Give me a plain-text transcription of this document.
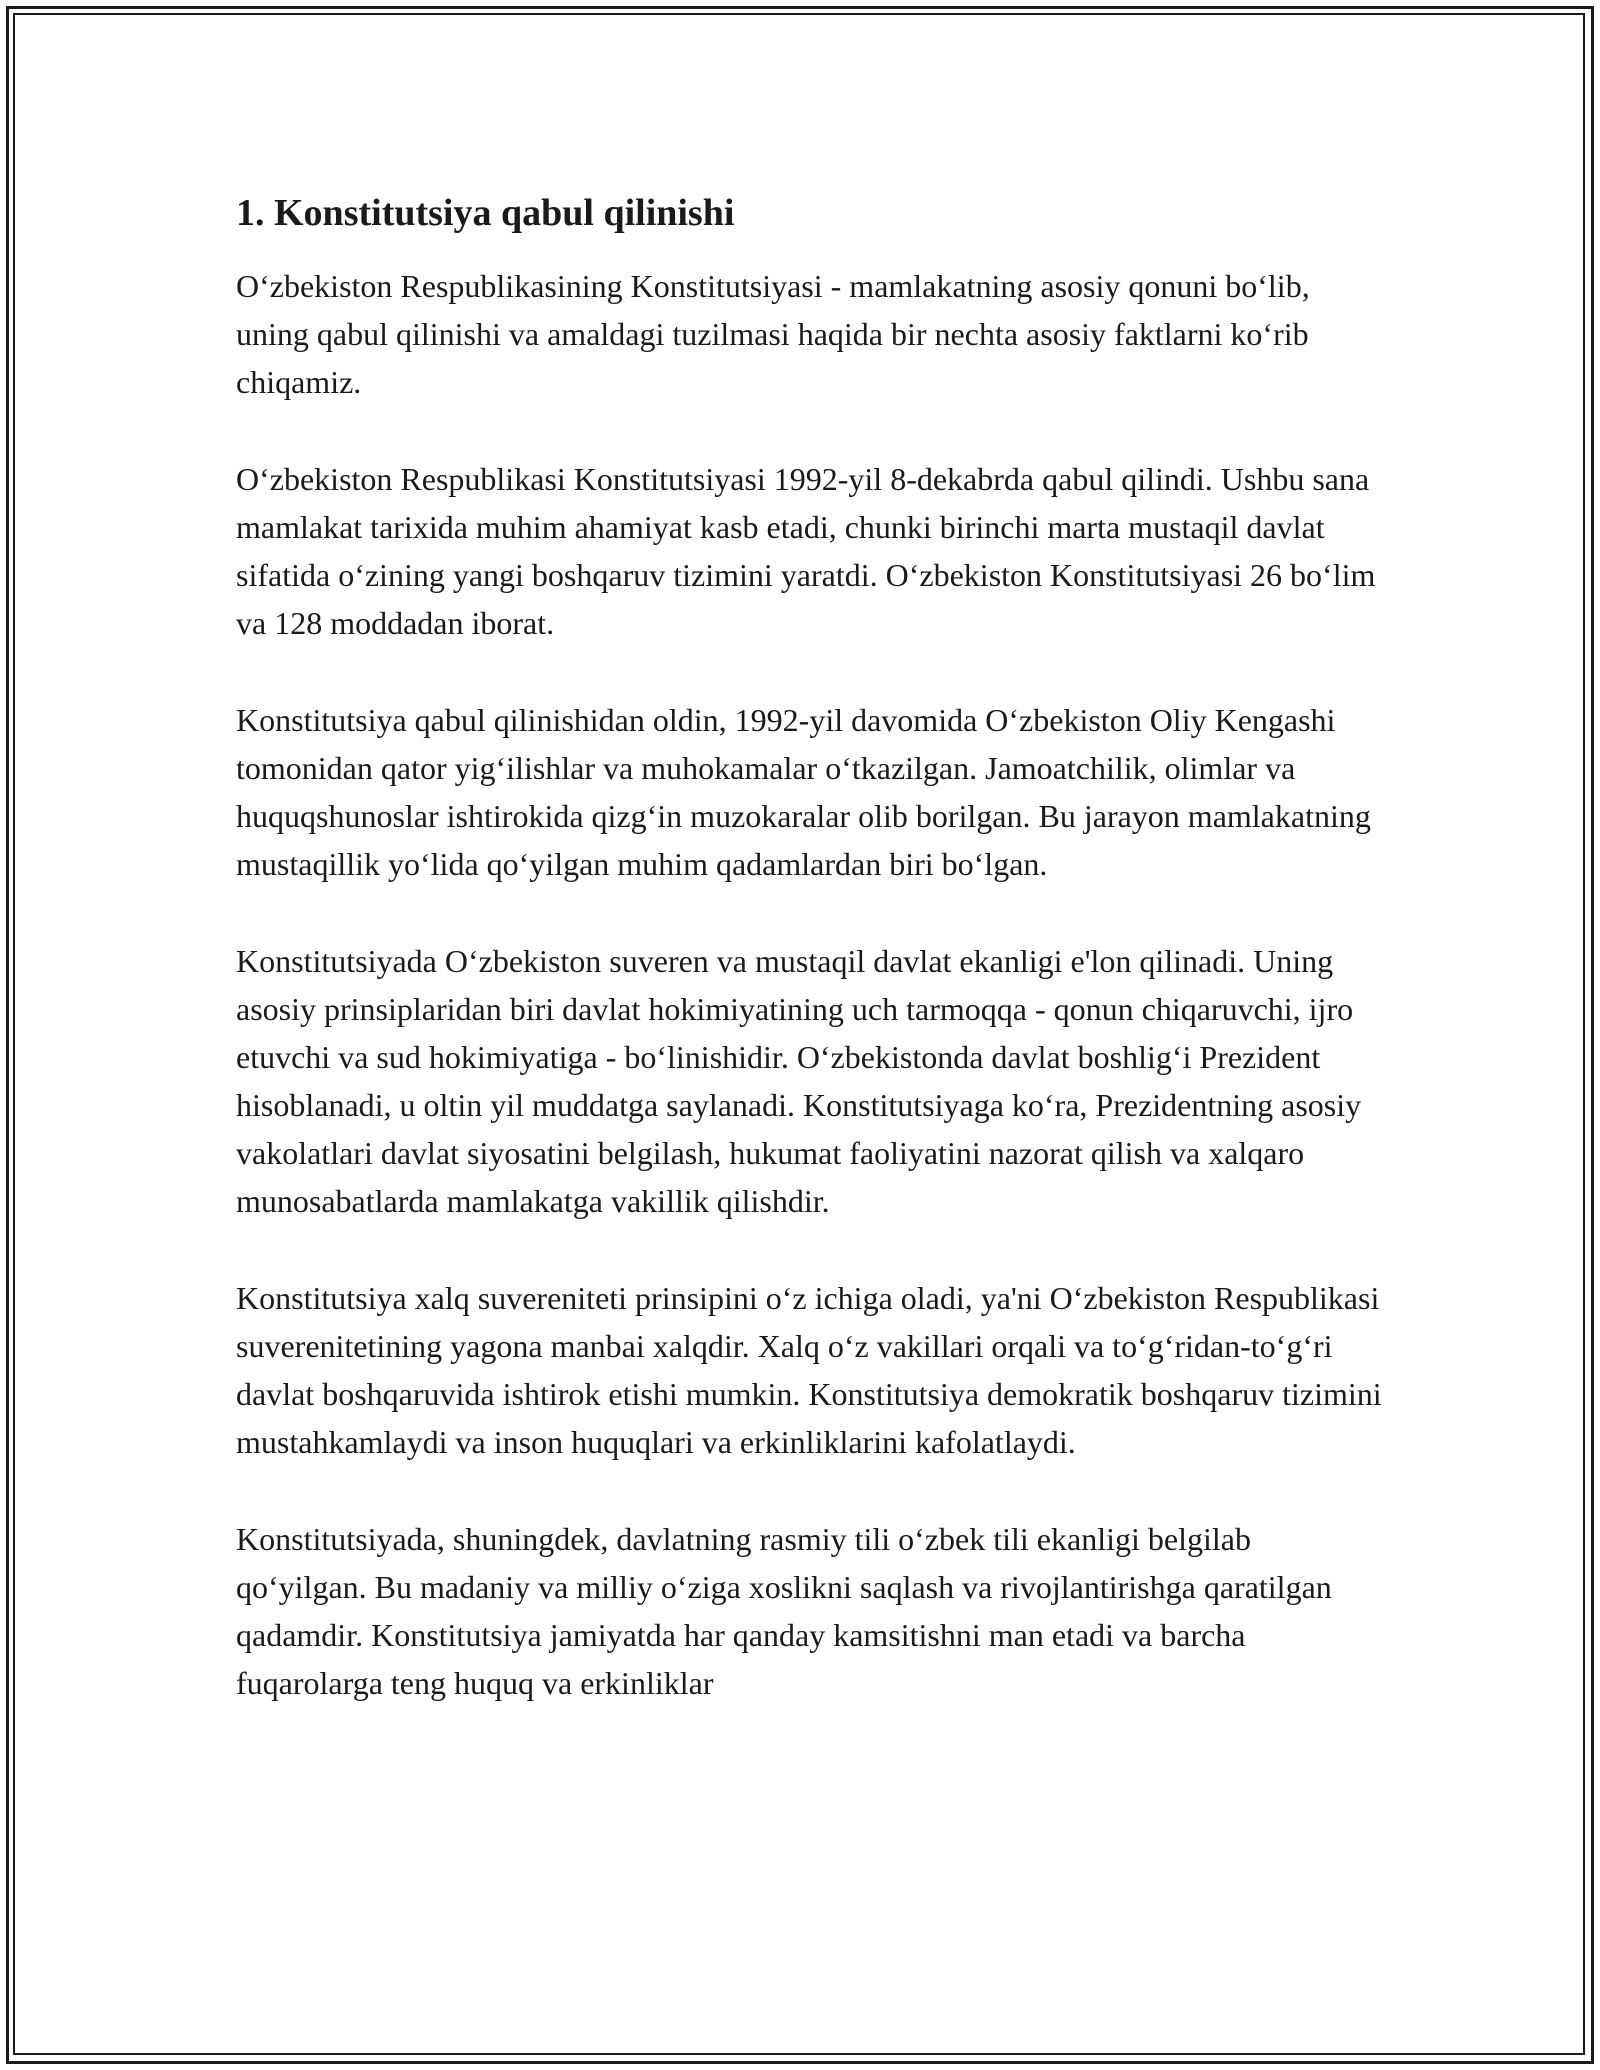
1. Konstitutsiya qabul qilinishi

O‘zbekiston Respublikasining Konstitutsiyasi - mamlakatning asosiy qonuni bo‘lib, uning qabul qilinishi va amaldagi tuzilmasi haqida bir nechta asosiy faktlarni ko‘rib chiqamiz.

O‘zbekiston Respublikasi Konstitutsiyasi 1992-yil 8-dekabrda qabul qilindi. Ushbu sana mamlakat tarixida muhim ahamiyat kasb etadi, chunki birinchi marta mustaqil davlat sifatida o‘zining yangi boshqaruv tizimini yaratdi. O‘zbekiston Konstitutsiyasi 26 bo‘lim va 128 moddadan iborat.

Konstitutsiya qabul qilinishidan oldin, 1992-yil davomida O‘zbekiston Oliy Kengashi tomonidan qator yig‘ilishlar va muhokamalar o‘tkazilgan. Jamoatchilik, olimlar va huquqshunoslar ishtirokida qizg‘in muzokaralar olib borilgan. Bu jarayon mamlakatning mustaqillik yo‘lida qo‘yilgan muhim qadamlardan biri bo‘lgan.

Konstitutsiyada O‘zbekiston suveren va mustaqil davlat ekanligi e'lon qilinadi. Uning asosiy prinsiplaridan biri davlat hokimiyatining uch tarmoqqa - qonun chiqaruvchi, ijro etuvchi va sud hokimiyatiga - bo‘linishidir. O‘zbekistonda davlat boshlig‘i Prezident hisoblanadi, u oltin yil muddatga saylanadi. Konstitutsiyaga ko‘ra, Prezidentning asosiy vakolatlari davlat siyosatini belgilash, hukumat faoliyatini nazorat qilish va xalqaro munosabatlarda mamlakatga vakillik qilishdir.

Konstitutsiya xalq suvereniteti prinsipini o‘z ichiga oladi, ya'ni O‘zbekiston Respublikasi suverenitetining yagona manbai xalqdir. Xalq o‘z vakillari orqali va to‘g‘ridan-to‘g‘ri davlat boshqaruvida ishtirok etishi mumkin. Konstitutsiya demokratik boshqaruv tizimini mustahkamlaydi va inson huquqlari va erkinliklarini kafolatlaydi.

Konstitutsiyada, shuningdek, davlatning rasmiy tili o‘zbek tili ekanligi belgilab qo‘yilgan. Bu madaniy va milliy o‘ziga xoslikni saqlash va rivojlantirishga qaratilgan qadamdir. Konstitutsiya jamiyatda har qanday kamsitishni man etadi va barcha fuqarolarga teng huquq va erkinliklar
